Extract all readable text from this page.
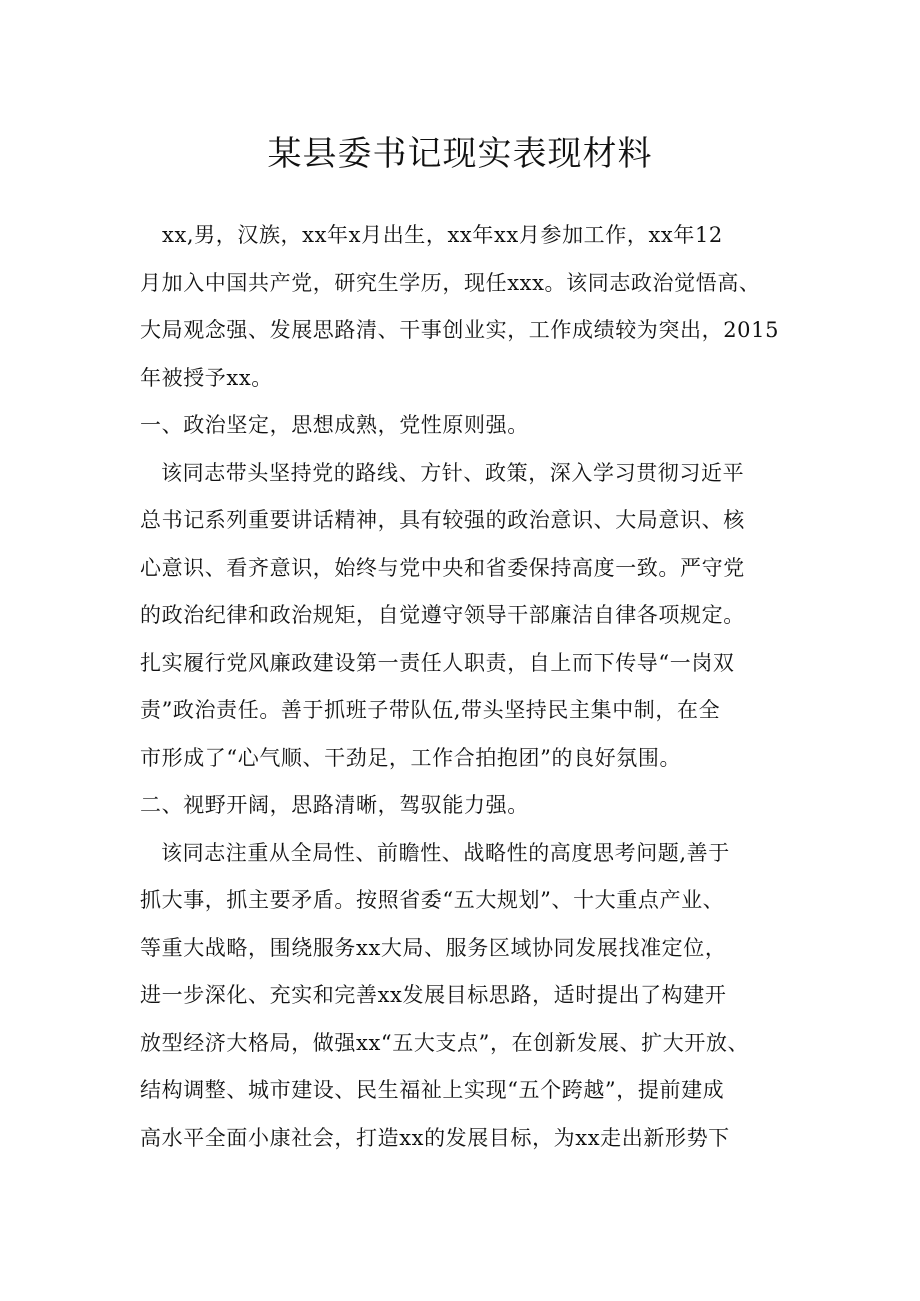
某县委书记现实表现材料

xx,男，汉族，xx年x月出生，xx年xx月参加工作，xx年12

月加入中国共产党，研究生学历，现任xxx。该同志政治觉悟高、

大局观念强、发展思路清、干事创业实，工作成绩较为突出，2015

年被授予xx。

一、政治坚定，思想成熟，党性原则强。

该同志带头坚持党的路线、方针、政策，深入学习贯彻习近平

总书记系列重要讲话精神，具有较强的政治意识、大局意识、核

心意识、看齐意识，始终与党中央和省委保持高度一致。严守党

的政治纪律和政治规矩，自觉遵守领导干部廉洁自律各项规定。

扎实履行党风廉政建设第一责任人职责，自上而下传导“一岗双

责”政治责任。善于抓班子带队伍,带头坚持民主集中制，在全

市形成了“心气顺、干劲足，工作合拍抱团”的良好氛围。

二、视野开阔，思路清晰，驾驭能力强。

该同志注重从全局性、前瞻性、战略性的高度思考问题,善于

抓大事，抓主要矛盾。按照省委“五大规划”、十大重点产业、

等重大战略，围绕服务xx大局、服务区域协同发展找准定位，

进一步深化、充实和完善xx发展目标思路，适时提出了构建开

放型经济大格局，做强xx“五大支点”，在创新发展、扩大开放、

结构调整、城市建设、民生福祉上实现“五个跨越”，提前建成

高水平全面小康社会，打造xx的发展目标，为xx走出新形势下
